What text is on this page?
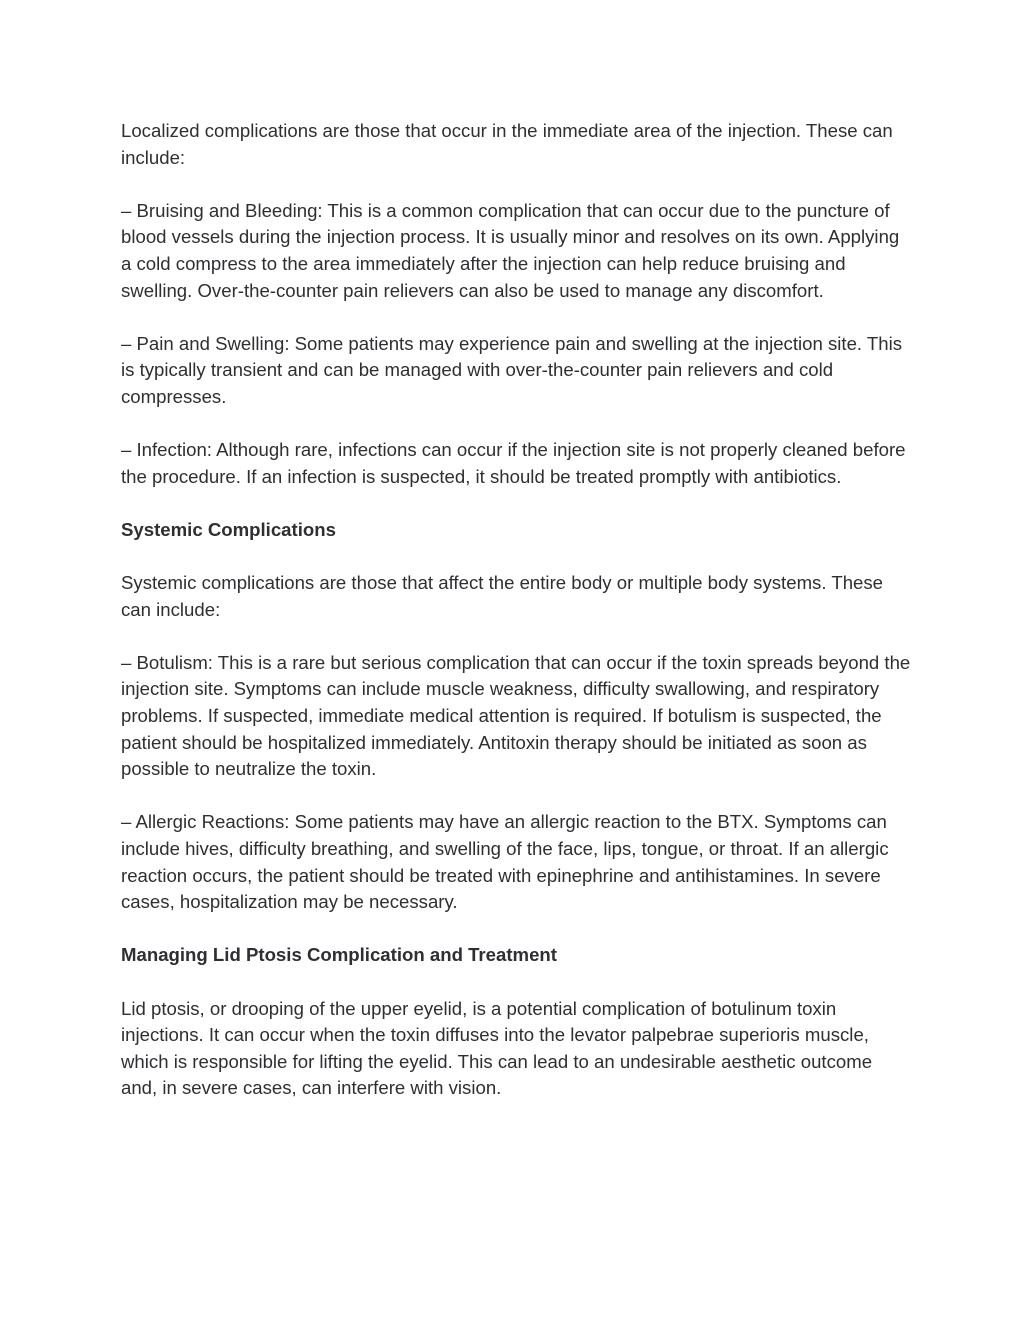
Localized complications are those that occur in the immediate area of the injection. These can include:

– Bruising and Bleeding: This is a common complication that can occur due to the puncture of blood vessels during the injection process. It is usually minor and resolves on its own. Applying a cold compress to the area immediately after the injection can help reduce bruising and swelling. Over-the-counter pain relievers can also be used to manage any discomfort.

– Pain and Swelling: Some patients may experience pain and swelling at the injection site. This is typically transient and can be managed with over-the-counter pain relievers and cold compresses.

– Infection: Although rare, infections can occur if the injection site is not properly cleaned before the procedure. If an infection is suspected, it should be treated promptly with antibiotics.

Systemic Complications

Systemic complications are those that affect the entire body or multiple body systems. These can include:

– Botulism: This is a rare but serious complication that can occur if the toxin spreads beyond the injection site. Symptoms can include muscle weakness, difficulty swallowing, and respiratory problems. If suspected, immediate medical attention is required. If botulism is suspected, the patient should be hospitalized immediately. Antitoxin therapy should be initiated as soon as possible to neutralize the toxin.

– Allergic Reactions: Some patients may have an allergic reaction to the BTX. Symptoms can include hives, difficulty breathing, and swelling of the face, lips, tongue, or throat. If an allergic reaction occurs, the patient should be treated with epinephrine and antihistamines. In severe cases, hospitalization may be necessary.

Managing Lid Ptosis Complication and Treatment

Lid ptosis, or drooping of the upper eyelid, is a potential complication of botulinum toxin injections. It can occur when the toxin diffuses into the levator palpebrae superioris muscle, which is responsible for lifting the eyelid. This can lead to an undesirable aesthetic outcome and, in severe cases, can interfere with vision.
